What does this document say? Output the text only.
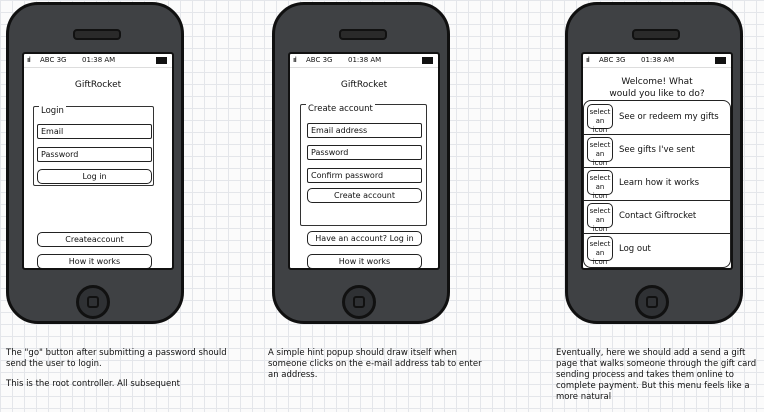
ııl ABC 3G 01:38 AM
GiftRocket
Login
Email
Password
Log in
Createaccount
How it works
ııl ABC 3G 01:38 AM
GiftRocket
Create account
Email address
Password
Confirm password
Create account
Have an account? Log in
How it works
ııl ABC 3G 01:38 AM
Welcome! What would you like to do?
select an icon
See or redeem my gifts
select an icon
See gifts I've sent
select an icon
Learn how it works
select an icon
Contact Giftrocket
select an icon
Log out

The "go" button after submitting a password should send the user to login.

This is the root controller. All subsequent

A simple hint popup should draw itself when someone clicks on the e-mail address tab to enter an address.

Eventually, here we should add a send a gift page that walks someone through the gift card sending process and takes them online to complete payment. But this menu feels like a more natural
